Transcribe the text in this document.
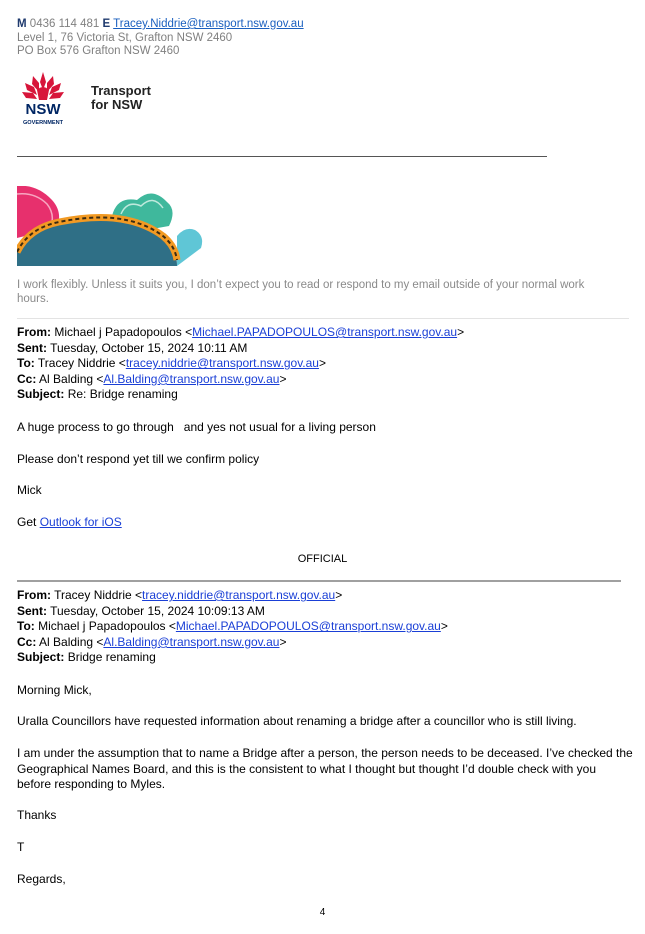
M 0436 114 481 E Tracey.Niddrie@transport.nsw.gov.au
Level 1, 76 Victoria St, Grafton NSW 2460
PO Box 576 Grafton NSW 2460
NSW
GOVERNMENT
Transport
for NSW
I work flexibly. Unless it suits you, I don’t expect you to read or respond to my email outside of your normal work hours.
From: Michael j Papadopoulos <Michael.PAPADOPOULOS@transport.nsw.gov.au>
Sent: Tuesday, October 15, 2024 10:11 AM
To: Tracey Niddrie <tracey.niddrie@transport.nsw.gov.au>
Cc: Al Balding <Al.Balding@transport.nsw.gov.au>
Subject: Re: Bridge renaming
A huge process to go through   and yes not usual for a living person
Please don’t respond yet till we confirm policy
Mick
Get Outlook for iOS
OFFICIAL
From: Tracey Niddrie <tracey.niddrie@transport.nsw.gov.au>
Sent: Tuesday, October 15, 2024 10:09:13 AM
To: Michael j Papadopoulos <Michael.PAPADOPOULOS@transport.nsw.gov.au>
Cc: Al Balding <Al.Balding@transport.nsw.gov.au>
Subject: Bridge renaming
Morning Mick,
Uralla Councillors have requested information about renaming a bridge after a councillor who is still living.
I am under the assumption that to name a Bridge after a person, the person needs to be deceased. I’ve checked the
Geographical Names Board, and this is the consistent to what I thought but thought I’d double check with you
before responding to Myles.
Thanks
T
Regards,
4
